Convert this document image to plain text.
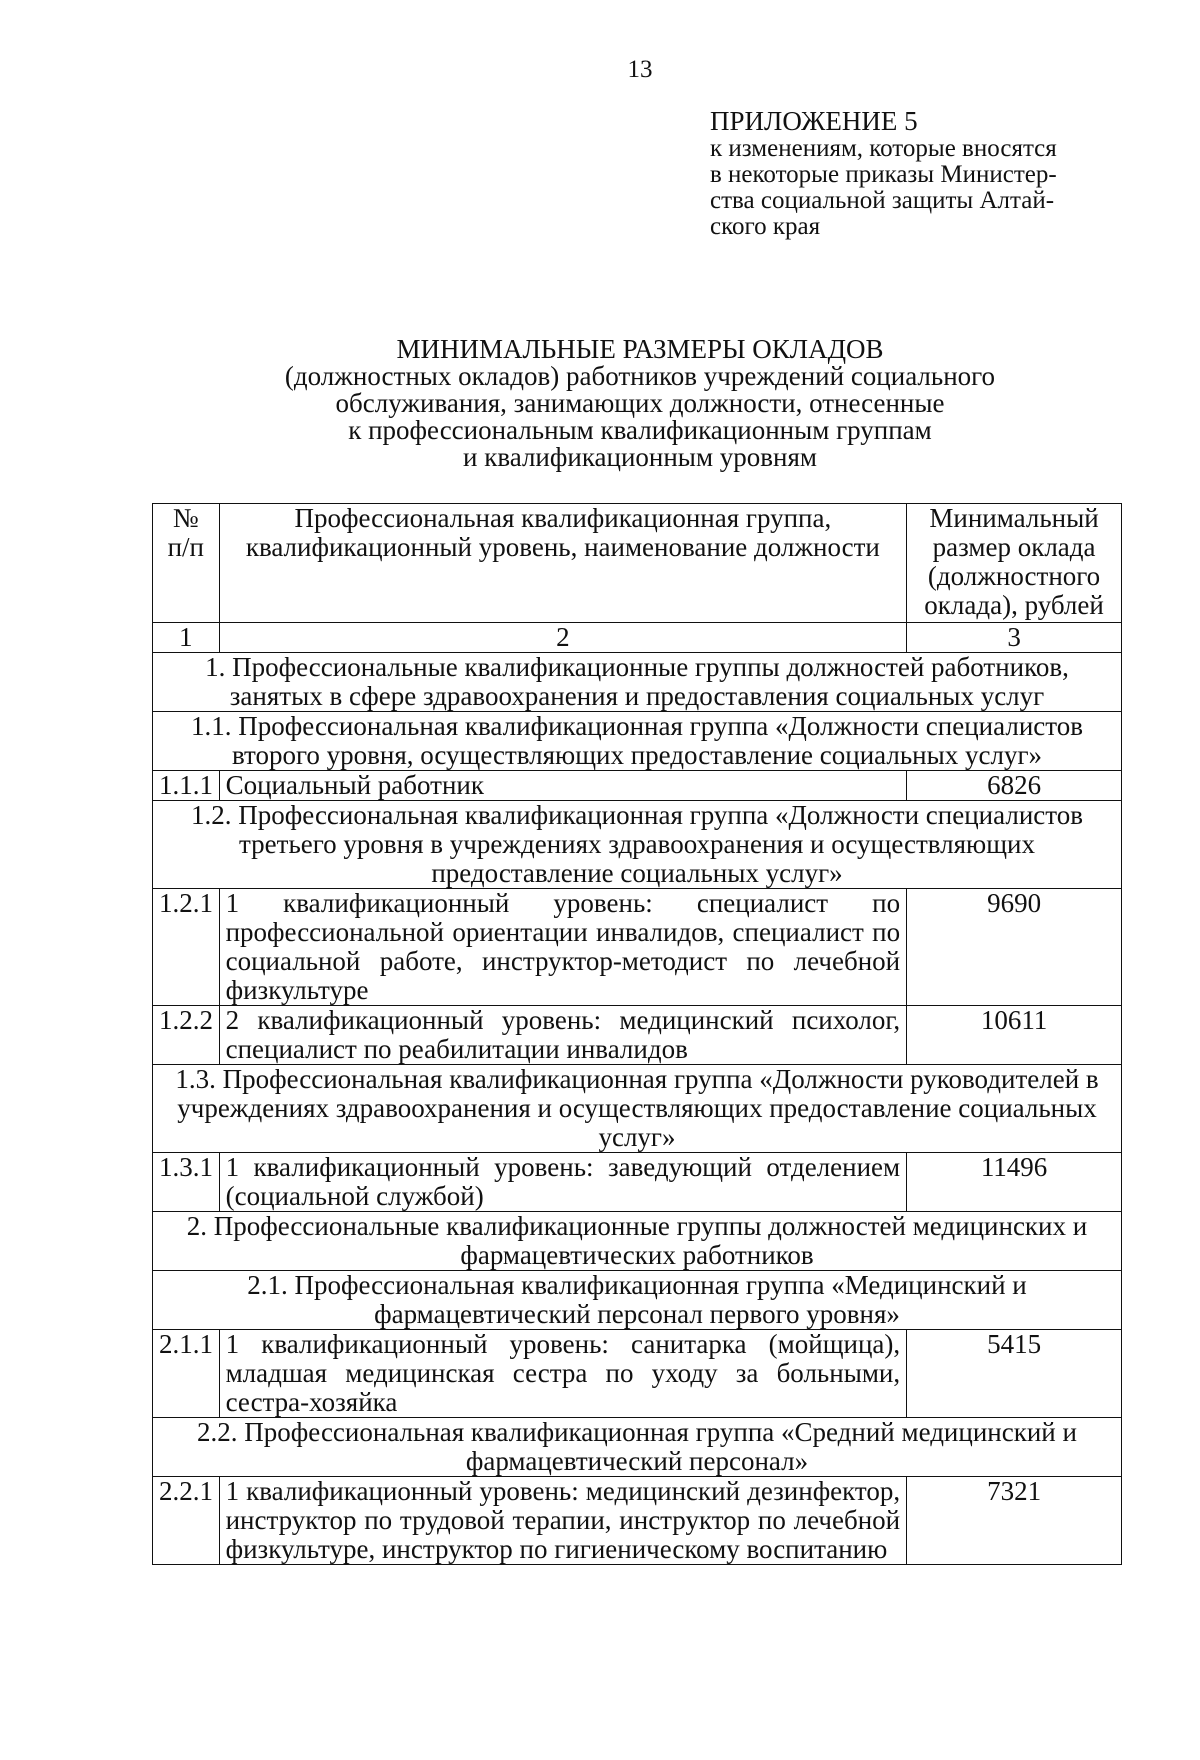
13
ПРИЛОЖЕНИЕ 5
к изменениям, которые вносятся
в некоторые приказы Министер-
ства социальной защиты Алтай-
ского края
МИНИМАЛЬНЫЕ РАЗМЕРЫ ОКЛАДОВ
(должностных окладов) работников учреждений социального
обслуживания, занимающих должности, отнесенные
к профессиональным квалификационным группам
и квалификационным уровням
№ п/п	Профессиональная квалификационная группа, квалификационный уровень, наименование должности	Минимальный размер оклада (должностного оклада), рублей
1	2	3
1. Профессиональные квалификационные группы должностей работников, занятых в сфере здравоохранения и предоставления социальных услуг		
1.1. Профессиональная квалификационная группа «Должности специалистов второго уровня, осуществляющих предоставление социальных услуг»		
1.1.1	Социальный работник	6826
1.2. Профессиональная квалификационная группа «Должности специалистов третьего уровня в учреждениях здравоохранения и осуществляющих предоставление социальных услуг»		
1.2.1	1 квалификационный уровень: специалист по профессиональной ориентации инвалидов, специалист по социальной работе, инструктор-методист по лечебной физкультуре	9690
1.2.2	2 квалификационный уровень: медицинский психолог, специалист по реабилитации инвалидов	10611
1.3. Профессиональная квалификационная группа «Должности руководителей в учреждениях здравоохранения и осуществляющих предоставление социальных услуг»		
1.3.1	1 квалификационный уровень: заведующий отделением (социальной службой)	11496
2. Профессиональные квалификационные группы должностей медицинских и фармацевтических работников		
2.1. Профессиональная квалификационная группа «Медицинский и фармацевтический персонал первого уровня»		
2.1.1	1 квалификационный уровень: санитарка (мойщица), младшая медицинская сестра по уходу за больными, сестра-хозяйка	5415
2.2. Профессиональная квалификационная группа «Средний медицинский и фармацевтический персонал»		
2.2.1	1 квалификационный уровень: медицинский дезинфектор, инструктор по трудовой терапии, инструктор по лечебной физкультуре, инструктор по гигиеническому воспитанию	7321
